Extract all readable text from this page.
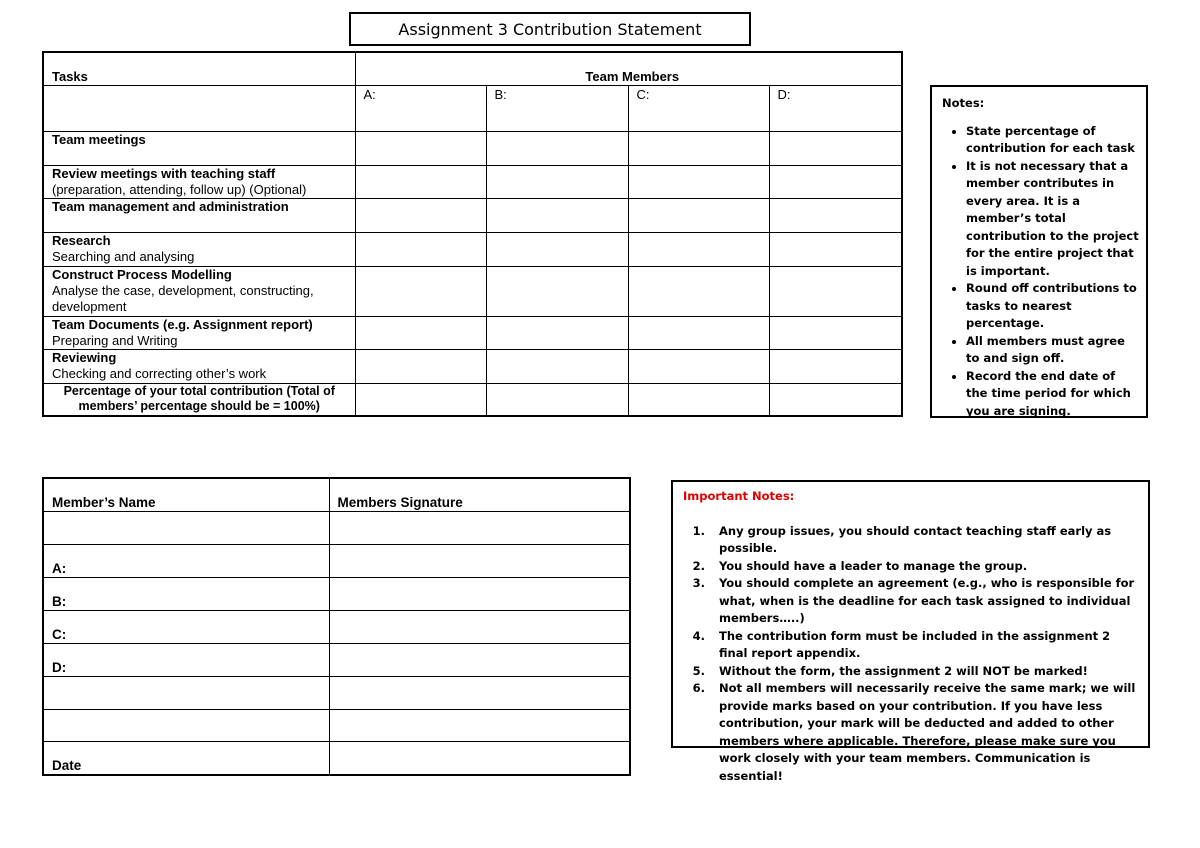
Assignment 3 Contribution Statement
Tasks	Team Members			
	A:	B:	C:	D:

Team meetings				

Review meetings with teaching staff
(preparation, attending, follow up) (Optional)				

Team management and administration				

Research
Searching and analysing				

Construct Process Modelling
Analyse the case, development, constructing, development				

Team Documents (e.g. Assignment report)
Preparing and Writing				

Reviewing
Checking and correcting other’s work				

Percentage of your total contribution (Total of members’ percentage should be = 100%)				
Notes:
• State percentage of contribution for each task
• It is not necessary that a member contributes in every area. It is a member’s total contribution to the project for the entire project that is important.
• Round off contributions to tasks to nearest percentage.
• All members must agree to and sign off.
• Record the end date of the time period for which you are signing.
Member’s Name	Members Signature

A:	
B:	
C:	
D:	

Date	
Important Notes:
1. Any group issues, you should contact teaching staff early as possible.
2. You should have a leader to manage the group.
3. You should complete an agreement (e.g., who is responsible for what, when is the deadline for each task assigned to individual members…..)
4. The contribution form must be included in the assignment 2 final report appendix.
5. Without the form, the assignment 2 will NOT be marked!
6. Not all members will necessarily receive the same mark; we will provide marks based on your contribution. If you have less contribution, your mark will be deducted and added to other members where applicable. Therefore, please make sure you work closely with your team members. Communication is essential!
